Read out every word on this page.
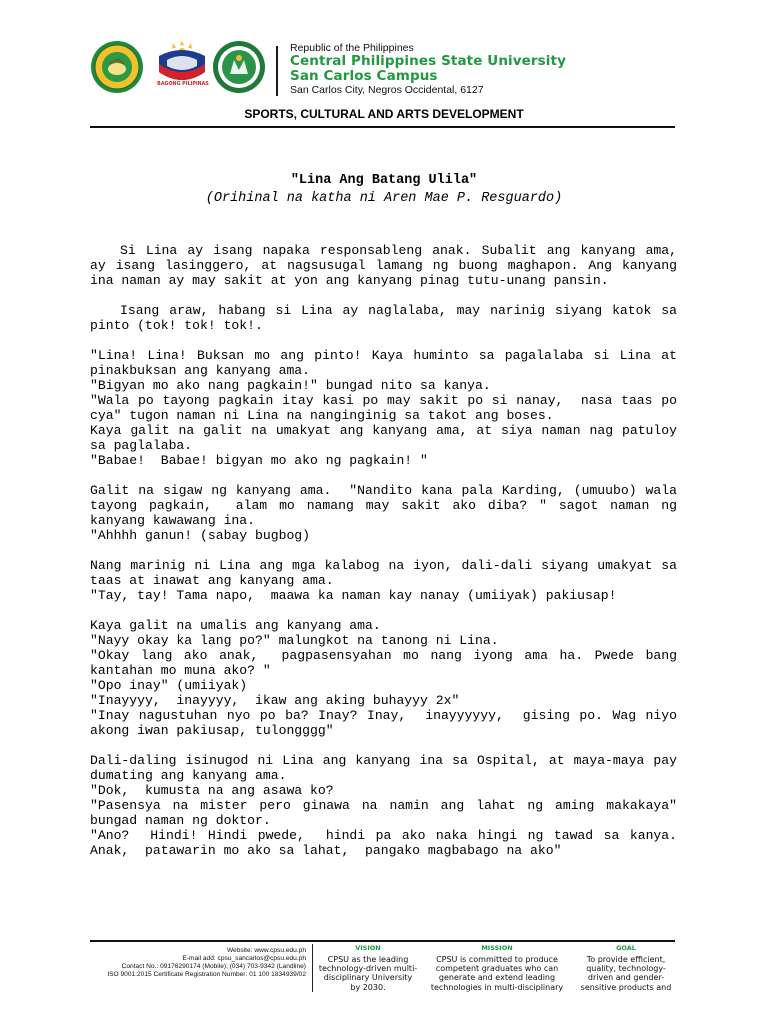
BAGONG PILIPINAS
Republic of the Philippines
Central Philippines State University
San Carlos Campus
San Carlos City, Negros Occidental, 6127
SPORTS, CULTURAL AND ARTS DEVELOPMENT
"Lina Ang Batang Ulila"
(Orihinal na katha ni Aren Mae P. Resguardo)

Si Lina ay isang napaka responsableng anak. Subalit ang kanyang ama, ay isang lasinggero, at nagsusugal lamang ng buong maghapon. Ang kanyang ina naman ay may sakit at yon ang kanyang pinag tutu-unang pansin.

Isang araw, habang si Lina ay naglalaba, may narinig siyang katok sa pinto (tok! tok! tok!.

"Lina! Lina! Buksan mo ang pinto! Kaya huminto sa pagalalaba si Lina at pinakbuksan ang kanyang ama.
"Bigyan mo ako nang pagkain!" bungad nito sa kanya.
"Wala po tayong pagkain itay kasi po may sakit po si nanay,  nasa taas po cya" tugon naman ni Lina na nanginginig sa takot ang boses.
Kaya galit na galit na umakyat ang kanyang ama, at siya naman nag patuloy sa paglalaba.
"Babae!  Babae! bigyan mo ako ng pagkain! "

Galit na sigaw ng kanyang ama.  "Nandito kana pala Karding, (umuubo) wala tayong pagkain,  alam mo namang may sakit ako diba? " sagot naman ng kanyang kawawang ina.
"Ahhhh ganun! (sabay bugbog)

Nang marinig ni Lina ang mga kalabog na iyon, dali-dali siyang umakyat sa taas at inawat ang kanyang ama.
"Tay, tay! Tama napo,  maawa ka naman kay nanay (umiiyak) pakiusap!

Kaya galit na umalis ang kanyang ama.
"Nayy okay ka lang po?" malungkot na tanong ni Lina.
"Okay lang ako anak,  pagpasensyahan mo nang iyong ama ha. Pwede bang kantahan mo muna ako? "
"Opo inay" (umiiyak)
"Inayyyy,  inayyyy,  ikaw ang aking buhayyy 2x"
"Inay nagustuhan nyo po ba? Inay? Inay,  inayyyyyy,  gising po. Wag niyo akong iwan pakiusap, tulongggg"

Dali-daling isinugod ni Lina ang kanyang ina sa Ospital, at maya-maya pay dumating ang kanyang ama.
"Dok,  kumusta na ang asawa ko?
"Pasensya na mister pero ginawa na namin ang lahat ng aming makakaya" bungad naman ng doktor.
"Ano?  Hindi! Hindi pwede,  hindi pa ako naka hingi ng tawad sa kanya.  Anak,  patawarin mo ako sa lahat,  pangako magbabago na ako"

Website: www.cpsu.edu.ph
E-mail add: cpsu_sancarlos@cpsu.edu.ph
Contact No.: 09176290174 (Mobile); (034) 703-9342 (Landline)
ISO 9001:2015 Certificate Registration Number: 01 100 1834939/02
VISION
CPSU as the leading technology-driven multi-disciplinary University by 2030.
MISSION
CPSU is committed to produce competent graduates who can generate and extend leading technologies in multi-disciplinary
GOAL
To provide efficient, quality, technology-driven and gender-sensitive products and
